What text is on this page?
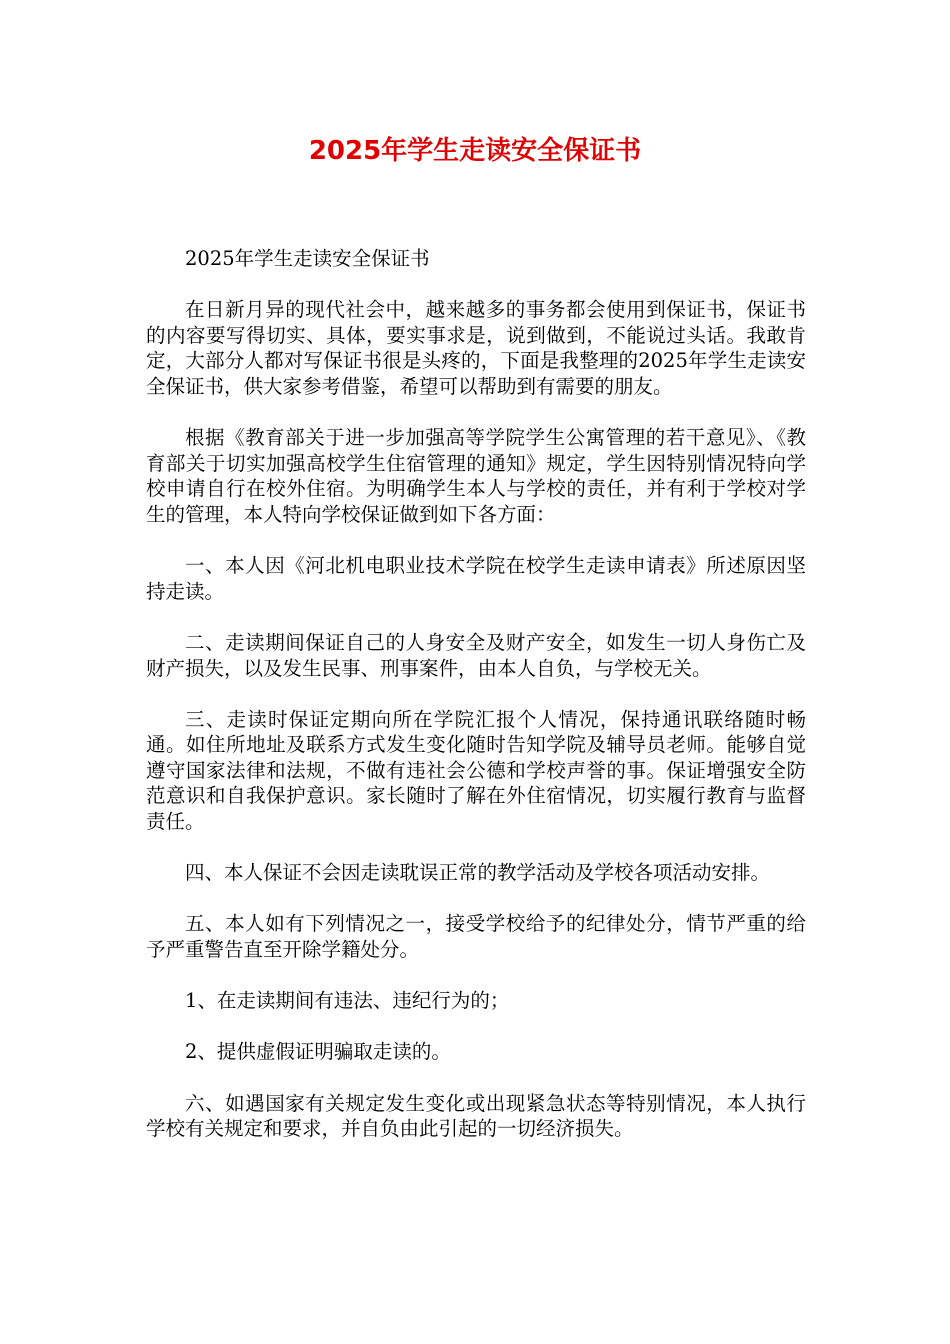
2025年学生走读安全保证书

2025年学生走读安全保证书

在日新月异的现代社会中，越来越多的事务都会使用到保证书，保证书的内容要写得切实、具体，要实事求是，说到做到，不能说过头话。我敢肯定，大部分人都对写保证书很是头疼的，下面是我整理的2025年学生走读安全保证书，供大家参考借鉴，希望可以帮助到有需要的朋友。

根据《教育部关于进一步加强高等学院学生公寓管理的若干意见》、《教育部关于切实加强高校学生住宿管理的通知》规定，学生因特别情况特向学校申请自行在校外住宿。为明确学生本人与学校的责任，并有利于学校对学生的管理，本人特向学校保证做到如下各方面：

一、本人因《河北机电职业技术学院在校学生走读申请表》所述原因坚持走读。

二、走读期间保证自己的人身安全及财产安全，如发生一切人身伤亡及财产损失，以及发生民事、刑事案件，由本人自负，与学校无关。

三、走读时保证定期向所在学院汇报个人情况，保持通讯联络随时畅通。如住所地址及联系方式发生变化随时告知学院及辅导员老师。能够自觉遵守国家法律和法规，不做有违社会公德和学校声誉的事。保证增强安全防范意识和自我保护意识。家长随时了解在外住宿情况，切实履行教育与监督责任。

四、本人保证不会因走读耽误正常的教学活动及学校各项活动安排。

五、本人如有下列情况之一，接受学校给予的纪律处分，情节严重的给予严重警告直至开除学籍处分。

1、在走读期间有违法、违纪行为的；

2、提供虚假证明骗取走读的。

六、如遇国家有关规定发生变化或出现紧急状态等特别情况，本人执行学校有关规定和要求，并自负由此引起的一切经济损失。
